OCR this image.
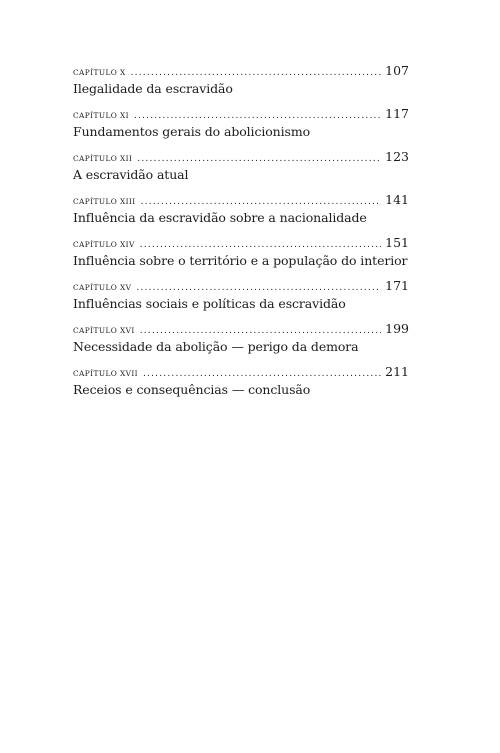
CAPÍTULO X .....	107
Ilegalidade da escravidão
CAPÍTULO XI .....	117
Fundamentos gerais do abolicionismo
CAPÍTULO XII .....	123
A escravidão atual
CAPÍTULO XIII .....	141
Influência da escravidão sobre a nacionalidade
CAPÍTULO XIV .....	151
Influência sobre o território e a população do interior
CAPÍTULO XV .....	171
Influências sociais e políticas da escravidão
CAPÍTULO XVI .....	199
Necessidade da abolição — perigo da demora
CAPÍTULO XVII .....	211
Receios e consequências — conclusão
